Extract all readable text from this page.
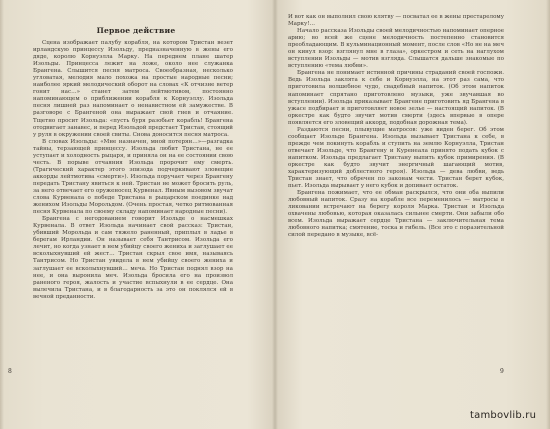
Первое действие

Сцена изображает палубу корабля, на котором Тристан везет ирландскую принцессу Изольду, предназначенную в жены его дяде, королю Корнуэлла Марку. На переднем плане шатер Изольды. Принцесса лежит на ложе, около нее служанка Брангена. Слышится песня матроса. Своеобразная, несколько угловатая, мелодия мало похожа на простые народные песни; наиболее яркий мелодический оборот на словах «К отчизне ветер гонит нас…» станет затем лейтмотивом, постоянно напоминающем о приближении корабля к Корнуэллу. Изольда песня лишней раз напоминает о ненавистном ей замужестве. В разговоре с Брангеной она выражает свой гнев и отчаяние. Тщетно просит Изольда: «пусть буря разобьет корабль! Брангена отодвигает занавес, и перед Изольдой предстает Тристан, стоящий у руля в окружении своей свиты. Снова доносится песня матроса.

В словах Изольды: «Мне назначен, мной потерян…»—разгадка тайны, терзающей принцессу. Изольда любит Тристана, не ее уступает и холодность рыцаря, и приняла он на ее состоянии свою честь. В порыве отчаяния Изольда пророчит ему смерть. (Трагический характер этого эпизода подчеркивают зловещие аккорды лейтмотива «смерти»). Изольда поручает через Брангену передать Тристану явиться к ней. Тристан не может бросить руль, за него отвечает его оруженосец Курвенал. Явным вызовом звучат слова Курвенала о победе Тристана в рыцарском поединке над женихом Изольды Морольдом. (Очень простая, четко ритмованная песня Курвенала по своему складу напоминает народные песни).

Брангена с негодованием говорит Изольде о насмешках Курвенала. В ответ Изольда начинает свой рассказ: Тристан, убивший Морольда и сам тяжело раненный, приплыл в ладье в берегам Ирландии. Он называет себя Тантрисом. Изольда его лечит, но когда узнает в нем убийцу своего жениха и заглушает ее всколыхнувший ей жест… Тристан скрыл свое имя, называясь Тантрисом. Но Тристан увидела в нем убийцу своего жениха и заглушает ее всколыхнувший… меча. Но Тристан поднял взор на нее, и она выронила меч. Изольда бросила его на произвол раненого героя, жалость и участие вспыхнули в ее сердце. Она вылечила Тристана, и в благодарность за это он поклялся ей в вечной преданности.

8

И вот как он выполнил свою клятву — посватал ее в жены престарелому Марку!…

Начало рассказа Изольды своей мелодичностью напоминает оперное арию; во всей же сцене мелодичность постепенно становится преобладающим. В кульминационный момент, после слов «Но не на меч он кинул взор: взглянул мне в глаза», оркестром и сеть на наглухом вступлении Изольды — мотив взгляда. Слышатся дальше знакомые по вступлению «тема любви».

Брангена не понимает истинной причины страданий своей госпожи. Ведь Изольда заклята к себе и Корнуэлла, на этот раз сама, что приготовила волшебное чудо, свадебный напиток. (Об этом напиток напоминает спрятано приготовлено музыки, уже звучавшая во вступлении). Изольда приказывает Брангене приготовить яд Брангена в ужасе подбирает и приготовляет новое зелье — настоящий напиток. (В оркестре как будто звучит мотив смерти (здесь впервые в опере появляется его зловещий аккорд, подобная дорожная тема).

Раздаются песни, плывущие матросов: уже виден берег. Об этом сообщает Изольде Брангена. Изольда вызывает Тристана к себе, в прежде чем покинуть корабль и ступить на землю Корнуэлла, Тристан отвечает Изольде, что Брангену и Куренеала принято подать кубок с напитком. Изольда предлагает Тристану выпить кубок примирения. (В оркестре как будто звучит энергичный шагающий мотив, характеризующий доблестного героя). Изольда — дева любви, ведь Тристан знает, что обречен по законам чести. Тристан берет кубок, пьет. Изольда вырывает у него кубок и допивает остаток.

Брангена пожимает, что ее обман раскрылся, что они оба выпили любовный напиток. Сразу на корабле все переменилось — матросы в ликовании встречают на берегу короля Марка. Тристан и Изольда охвачены любовью, которая оказалась сильнее смерти. Они забыли обо всем. Изольда выражает сердце Тристана — заключительная тема любовного напитка; смятение, тоска и гибель. (Все это с поразительной силой передано в музыке, всё-

9
tambovlib.ru
